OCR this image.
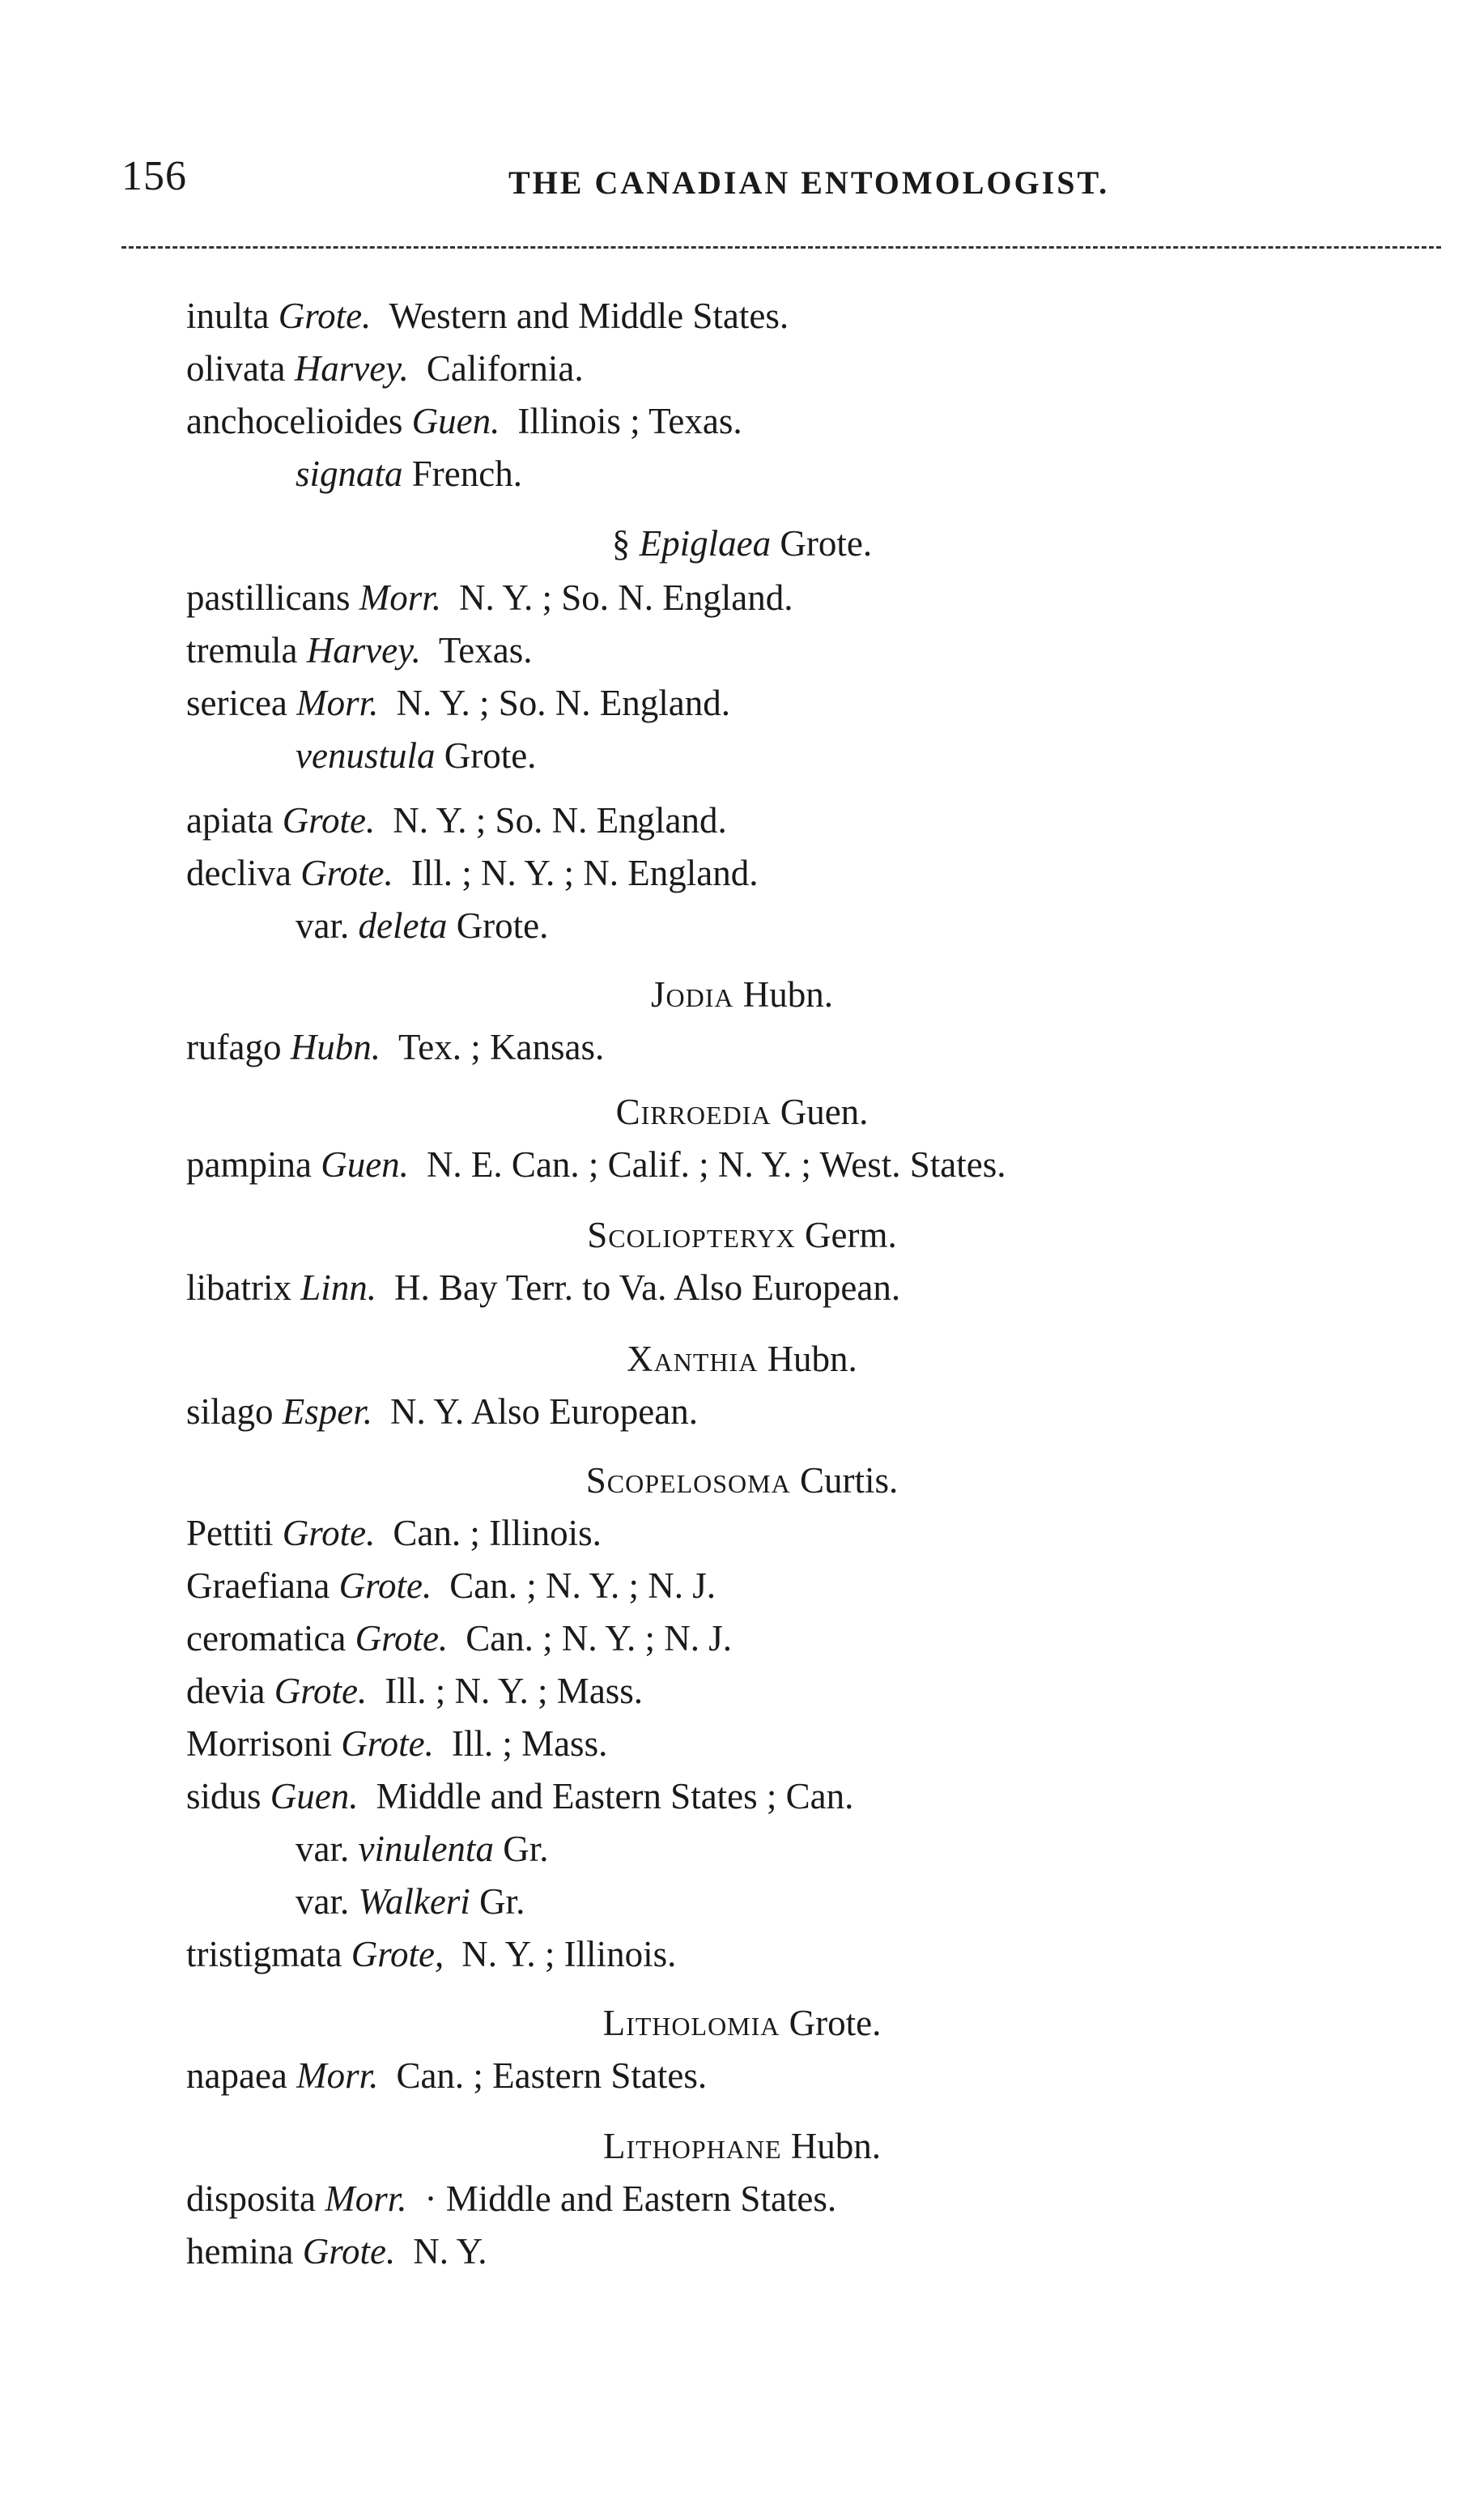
156	THE CANADIAN ENTOMOLOGIST.
inulta Grote. Western and Middle States.
olivata Harvey. California.
anchocelioides Guen. Illinois ; Texas.
signata French.
§ Epiglaea Grote.
pastillicans Morr. N. Y. ; So. N. England.
tremula Harvey. Texas.
sericea Morr. N. Y. ; So. N. England.
venustula Grote.
apiata Grote. N. Y. ; So. N. England.
decliva Grote. Ill. ; N. Y. ; N. England.
var. deleta Grote.
Jodia Hubn.
rufago Hubn. Tex. ; Kansas.
Cirroedia Guen.
pampina Guen. N. E. Can. ; Calif. ; N. Y. ; West. States.
Scoliopteryx Germ.
libatrix Linn. H. Bay Terr. to Va. Also European.
Xanthia Hubn.
silago Esper. N. Y. Also European.
Scopelosoma Curtis.
Pettiti Grote. Can. ; Illinois.
Graefiana Grote. Can. ; N. Y. ; N. J.
ceromatica Grote. Can. ; N. Y. ; N. J.
devia Grote. Ill. ; N. Y. ; Mass.
Morrisoni Grote. Ill. ; Mass.
sidus Guen. Middle and Eastern States ; Can.
var. vinulenta Gr.
var. Walkeri Gr.
tristigmata Grote, N. Y. ; Illinois.
Litholomia Grote.
napaea Morr. Can. ; Eastern States.
Lithophane Hubn.
disposita Morr. · Middle and Eastern States.
hemina Grote. N. Y.
